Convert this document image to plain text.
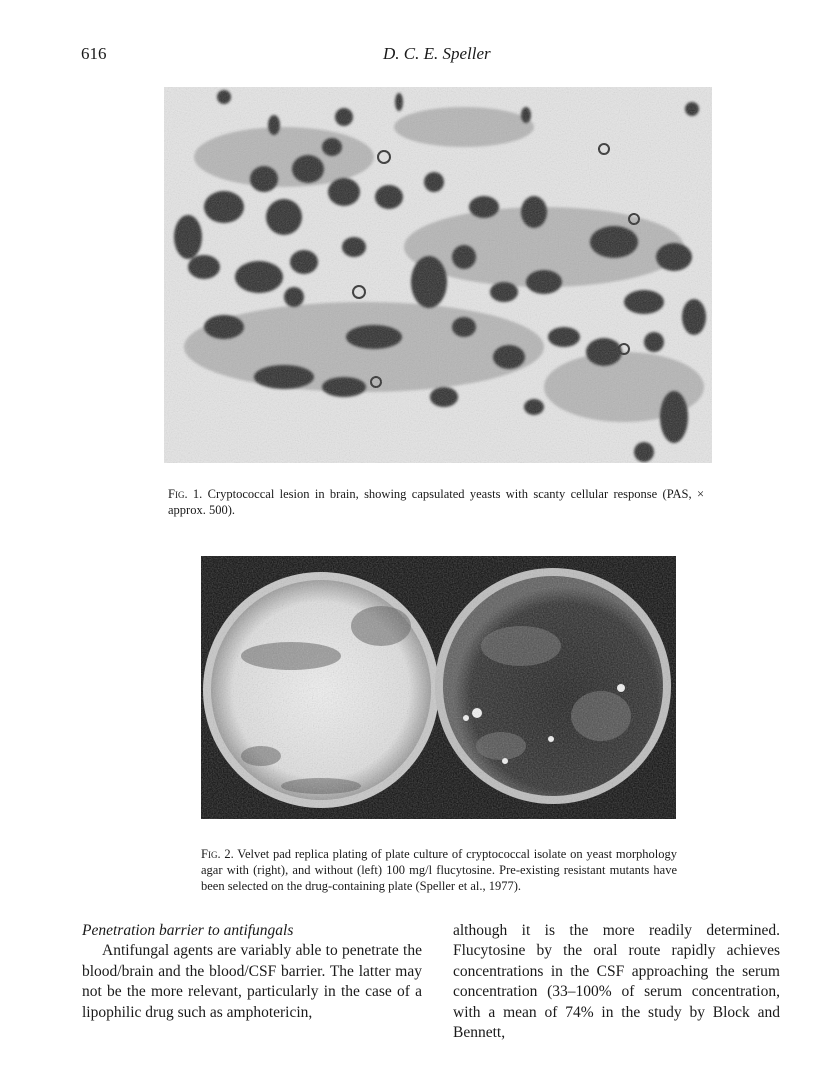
616	D. C. E. Speller
Fig. 1. Cryptococcal lesion in brain, showing capsulated yeasts with scanty cellular response (PAS, × approx. 500).
Fig. 2. Velvet pad replica plating of plate culture of cryptococcal isolate on yeast morphology agar with (right), and without (left) 100 mg/l flucytosine. Pre-existing resistant mutants have been selected on the drug-containing plate (Speller et al., 1977).

Penetration barrier to antifungals

Antifungal agents are variably able to penetrate the blood/brain and the blood/CSF barrier. The latter may not be the more relevant, particularly in the case of a lipophilic drug such as amphotericin,

although it is the more readily determined. Flucytosine by the oral route rapidly achieves concentrations in the CSF approaching the serum concentration (33–100% of serum concentration, with a mean of 74% in the study by Block and Bennett,
